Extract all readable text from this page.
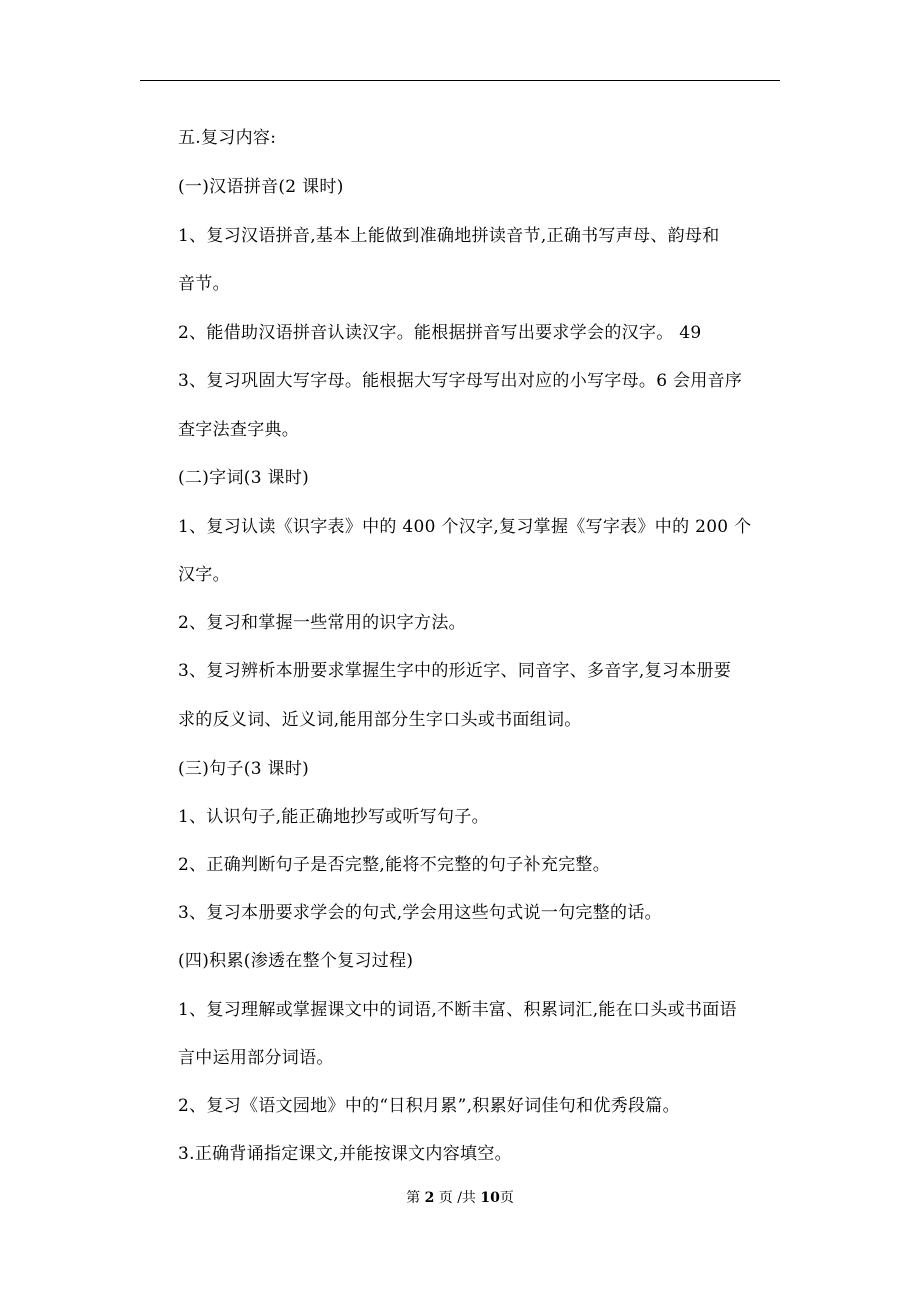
五.复习内容:
(一)汉语拼音(2 课时)
1、复习汉语拼音,基本上能做到准确地拼读音节,正确书写声母、韵母和
音节。
2、能借助汉语拼音认读汉字。能根据拼音写出要求学会的汉字。 49
3、复习巩固大写字母。能根据大写字母写出对应的小写字母。6 会用音序
查字法查字典。
(二)字词(3 课时)
1、复习认读《识字表》中的 400 个汉字,复习掌握《写字表》中的 200 个
汉字。
2、复习和掌握一些常用的识字方法。
3、复习辨析本册要求掌握生字中的形近字、同音字、多音字,复习本册要
求的反义词、近义词,能用部分生字口头或书面组词。
(三)句子(3 课时)
1、认识句子,能正确地抄写或听写句子。
2、正确判断句子是否完整,能将不完整的句子补充完整。
3、复习本册要求学会的句式,学会用这些句式说一句完整的话。
(四)积累(渗透在整个复习过程)
1、复习理解或掌握课文中的词语,不断丰富、积累词汇,能在口头或书面语
言中运用部分词语。
2、复习《语文园地》中的“日积月累”,积累好词佳句和优秀段篇。
3.正确背诵指定课文,并能按课文内容填空。
第 2 页 /共 10页
